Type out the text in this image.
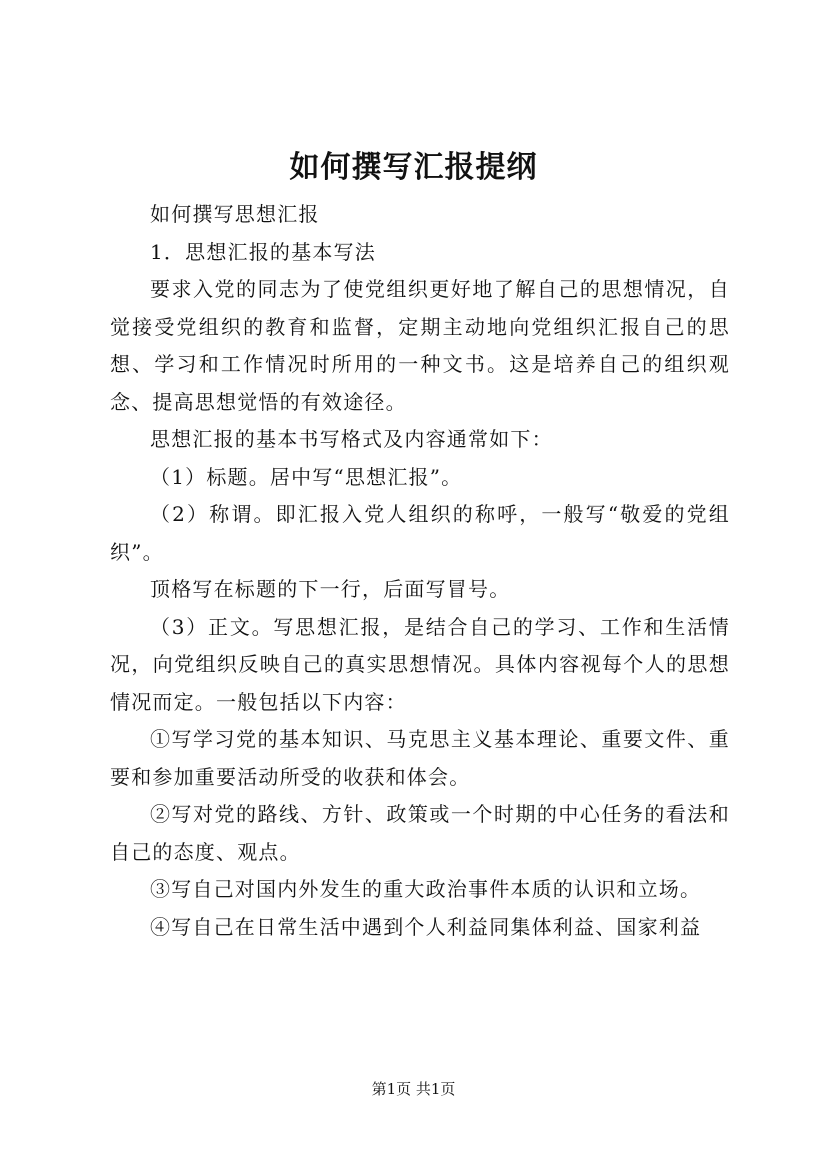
如何撰写汇报提纲

如何撰写思想汇报

1．思想汇报的基本写法

要求入党的同志为了使党组织更好地了解自己的思想情况，自觉接受党组织的教育和监督，定期主动地向党组织汇报自己的思想、学习和工作情况时所用的一种文书。这是培养自己的组织观念、提高思想觉悟的有效途径。

思想汇报的基本书写格式及内容通常如下：

（1）标题。居中写“思想汇报”。

（2）称谓。即汇报入党人组织的称呼，一般写“敬爱的党组织”。

顶格写在标题的下一行，后面写冒号。

（3）正文。写思想汇报，是结合自己的学习、工作和生活情况，向党组织反映自己的真实思想情况。具体内容视每个人的思想情况而定。一般包括以下内容：

①写学习党的基本知识、马克思主义基本理论、重要文件、重要和参加重要活动所受的收获和体会。

②写对党的路线、方针、政策或一个时期的中心任务的看法和自己的态度、观点。

③写自己对国内外发生的重大政治事件本质的认识和立场。

④写自己在日常生活中遇到个人利益同集体利益、国家利益

第1页 共1页
